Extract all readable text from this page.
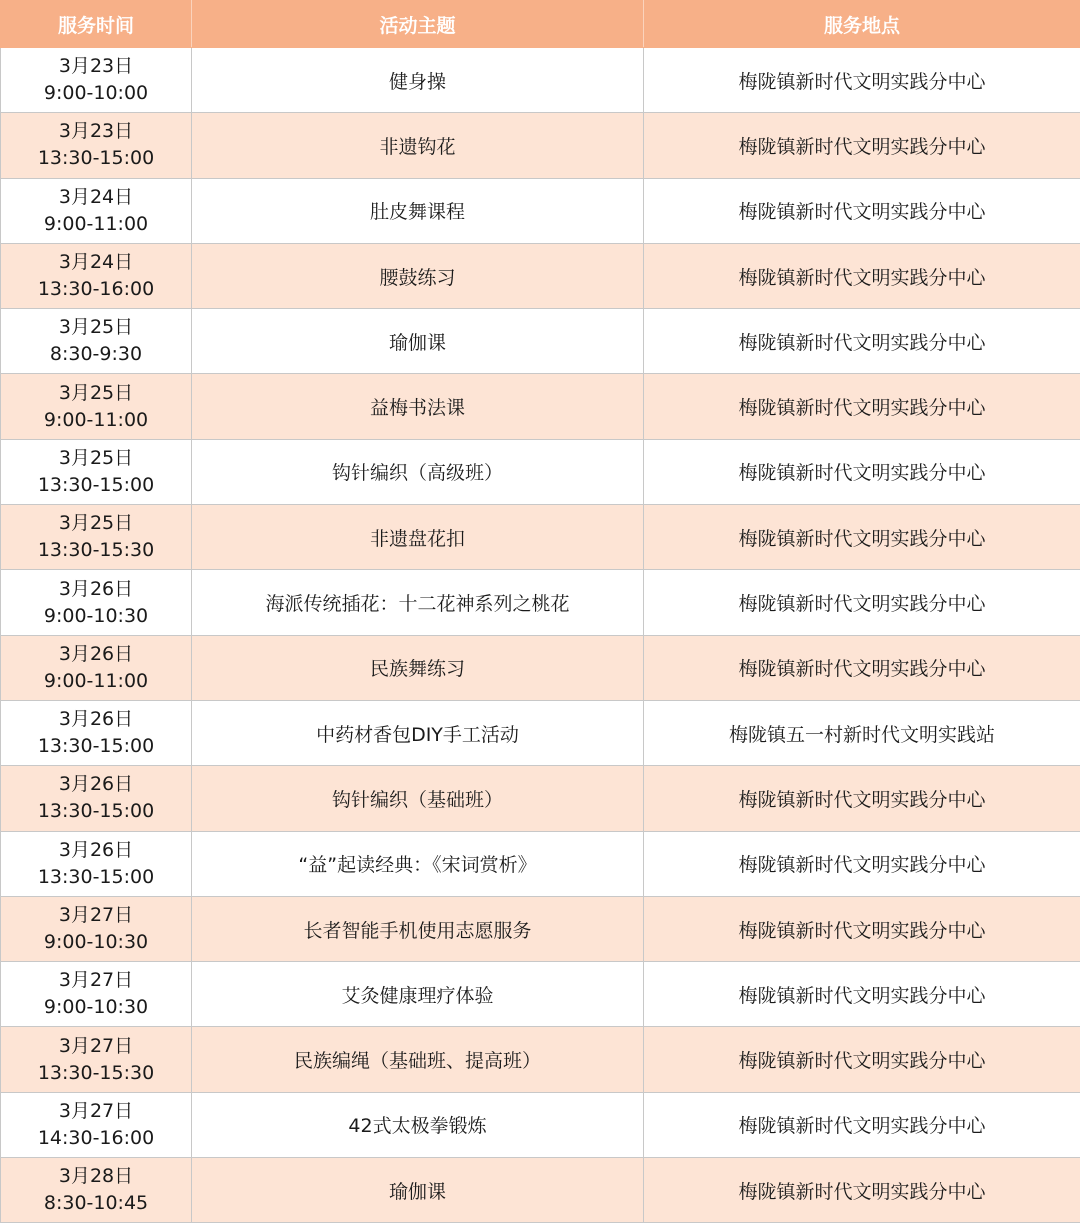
服务时间	活动主题	服务地点

3月23日
9:00-10:00	健身操	梅陇镇新时代文明实践分中心

3月23日
13:30-15:00	非遗钩花	梅陇镇新时代文明实践分中心

3月24日
9:00-11:00	肚皮舞课程	梅陇镇新时代文明实践分中心

3月24日
13:30-16:00	腰鼓练习	梅陇镇新时代文明实践分中心

3月25日
8:30-9:30	瑜伽课	梅陇镇新时代文明实践分中心

3月25日
9:00-11:00	益梅书法课	梅陇镇新时代文明实践分中心

3月25日
13:30-15:00	钩针编织（高级班）	梅陇镇新时代文明实践分中心

3月25日
13:30-15:30	非遗盘花扣	梅陇镇新时代文明实践分中心

3月26日
9:00-10:30	海派传统插花：十二花神系列之桃花	梅陇镇新时代文明实践分中心

3月26日
9:00-11:00	民族舞练习	梅陇镇新时代文明实践分中心

3月26日
13:30-15:00	中药材香包DIY手工活动	梅陇镇五一村新时代文明实践站

3月26日
13:30-15:00	钩针编织（基础班）	梅陇镇新时代文明实践分中心

3月26日
13:30-15:00	“益”起读经典：《宋词赏析》	梅陇镇新时代文明实践分中心

3月27日
9:00-10:30	长者智能手机使用志愿服务	梅陇镇新时代文明实践分中心

3月27日
9:00-10:30	艾灸健康理疗体验	梅陇镇新时代文明实践分中心

3月27日
13:30-15:30	民族编绳（基础班、提高班）	梅陇镇新时代文明实践分中心

3月27日
14:30-16:00	42式太极拳锻炼	梅陇镇新时代文明实践分中心

3月28日
8:30-10:45	瑜伽课	梅陇镇新时代文明实践分中心
